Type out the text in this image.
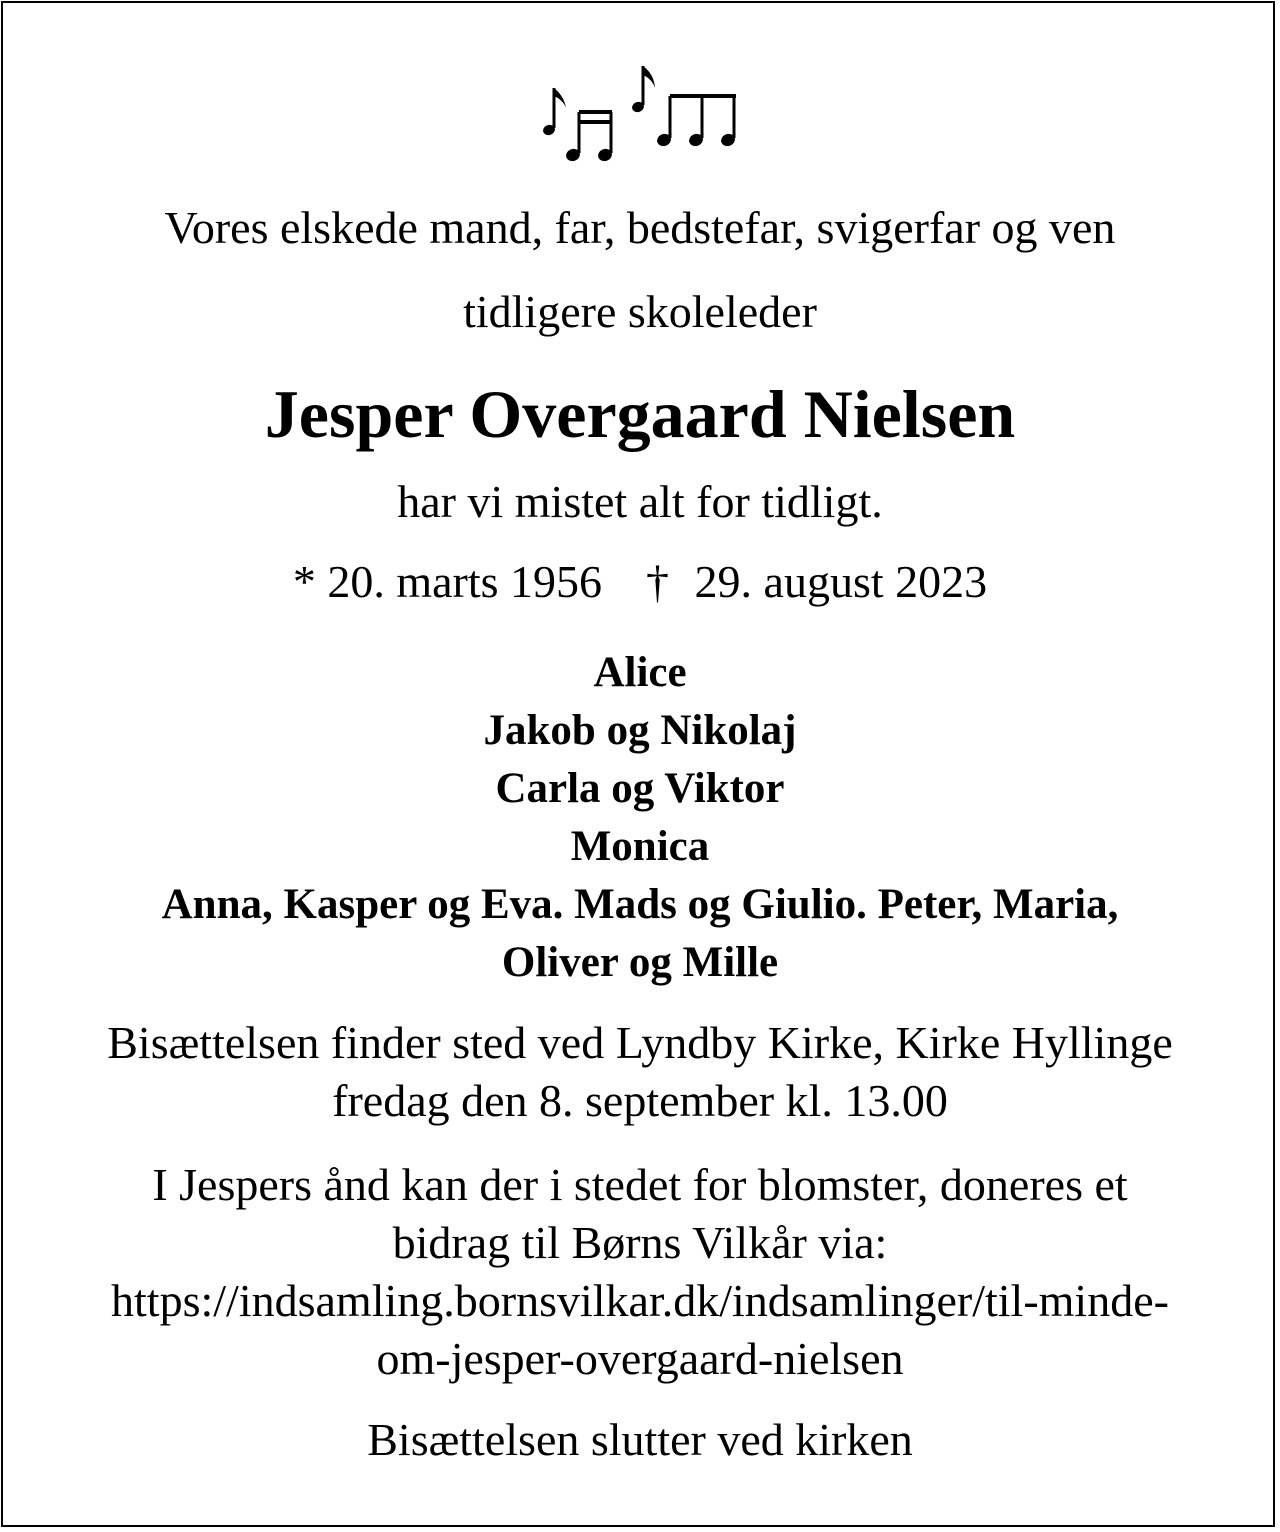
Vores elskede mand, far, bedstefar, svigerfar og ven
tidligere skoleleder
Jesper Overgaard Nielsen
har vi mistet alt for tidligt.
* 20. marts 1956 † 29. august 2023
Alice
Jakob og Nikolaj
Carla og Viktor
Monica
Anna, Kasper og Eva. Mads og Giulio. Peter, Maria,
Oliver og Mille
Bisættelsen finder sted ved Lyndby Kirke, Kirke Hyllinge
fredag den 8. september kl. 13.00
I Jespers ånd kan der i stedet for blomster, doneres et
bidrag til Børns Vilkår via:
https://indsamling.bornsvilkar.dk/indsamlinger/til-minde-
om-jesper-overgaard-nielsen
Bisættelsen slutter ved kirken
